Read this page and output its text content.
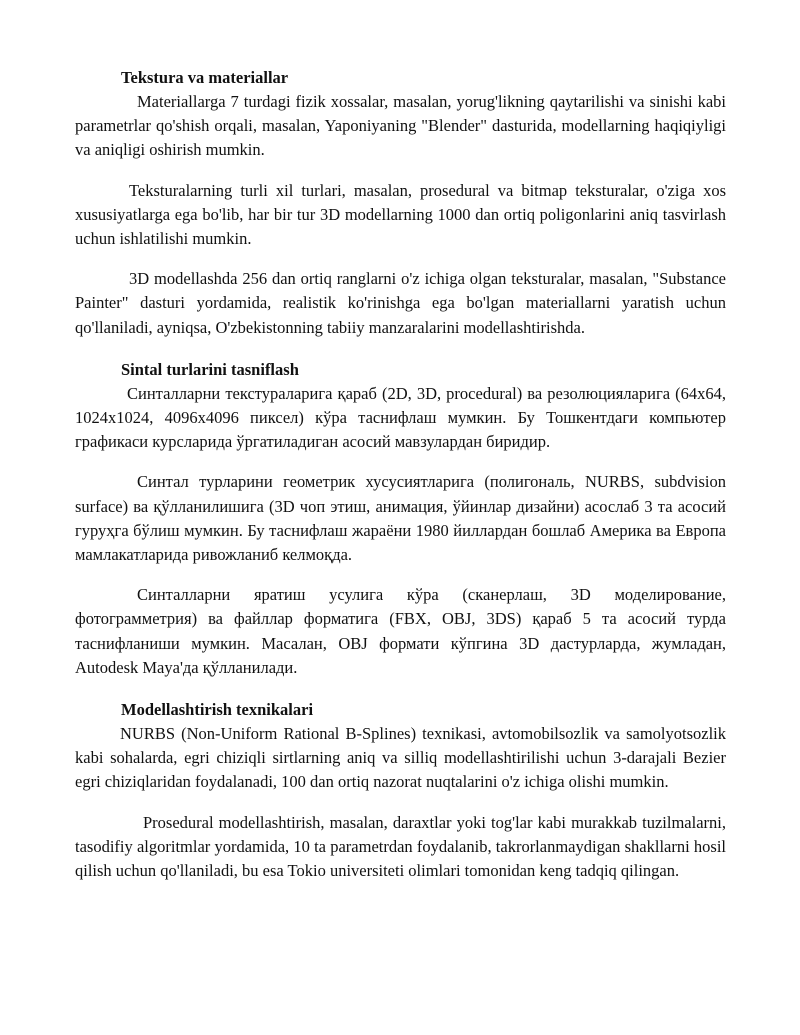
Tekstura va materiallar

Materiallarga 7 turdagi fizik xossalar, masalan, yorug'likning qaytarilishi va sinishi kabi parametrlar qo'shish orqali, masalan, Yaponiyaning "Blender" dasturida, modellarning haqiqiyligi va aniqligi oshirish mumkin.

Teksturalarning turli xil turlari, masalan, prosedural va bitmap teksturalar, o'ziga xos xususiyatlarga ega bo'lib, har bir tur 3D modellarning 1000 dan ortiq poligonlarini aniq tasvirlash uchun ishlatilishi mumkin.

3D modellashda 256 dan ortiq ranglarni o'z ichiga olgan teksturalar, masalan, "Substance Painter" dasturi yordamida, realistik ko'rinishga ega bo'lgan materiallarni yaratish uchun qo'llaniladi, ayniqsa, O'zbekistonning tabiiy manzaralarini modellashtirishda.

Sintal turlarini tasniflash

Синталларни текстураларига қараб (2D, 3D, procedural) ва резолюцияларига (64x64, 1024x1024, 4096x4096 пиксел) кўра таснифлаш мумкин. Бу Тошкентдаги компьютер графикаси курсларида ўргатиладиган асосий мавзулардан биридир.

Синтал турларини геометрик хусусиятларига (полигональ, NURBS, subdvision surface) ва қўлланилишига (3D чоп этиш, анимация, ўйинлар дизайни) асослаб 3 та асосий гуруҳга бўлиш мумкин. Бу таснифлаш жараёни 1980 йиллардан бошлаб Америка ва Европа мамлакатларида ривожланиб келмоқда.

Синталларни яратиш усулига кўра (сканерлаш, 3D моделирование, фотограмметрия) ва файллар форматига (FBX, OBJ, 3DS) қараб 5 та асосий турда таснифланиши мумкин. Масалан, OBJ формати кўпгина 3D дастурларда, жумладан, Autodesk Maya'да қўлланилади.

Modellashtirish texnikalari

NURBS (Non-Uniform Rational B-Splines) texnikasi, avtomobilsozlik va samolyotsozlik kabi sohalarda, egri chiziqli sirtlarning aniq va silliq modellashtirilishi uchun 3-darajali Bezier egri chiziqlaridan foydalanadi, 100 dan ortiq nazorat nuqtalarini o'z ichiga olishi mumkin.

Prosedural modellashtirish, masalan, daraxtlar yoki tog'lar kabi murakkab tuzilmalarni, tasodifiy algoritmlar yordamida, 10 ta parametrdan foydalanib, takrorlanmaydigan shakllarni hosil qilish uchun qo'llaniladi, bu esa Tokio universiteti olimlari tomonidan keng tadqiq qilingan.
